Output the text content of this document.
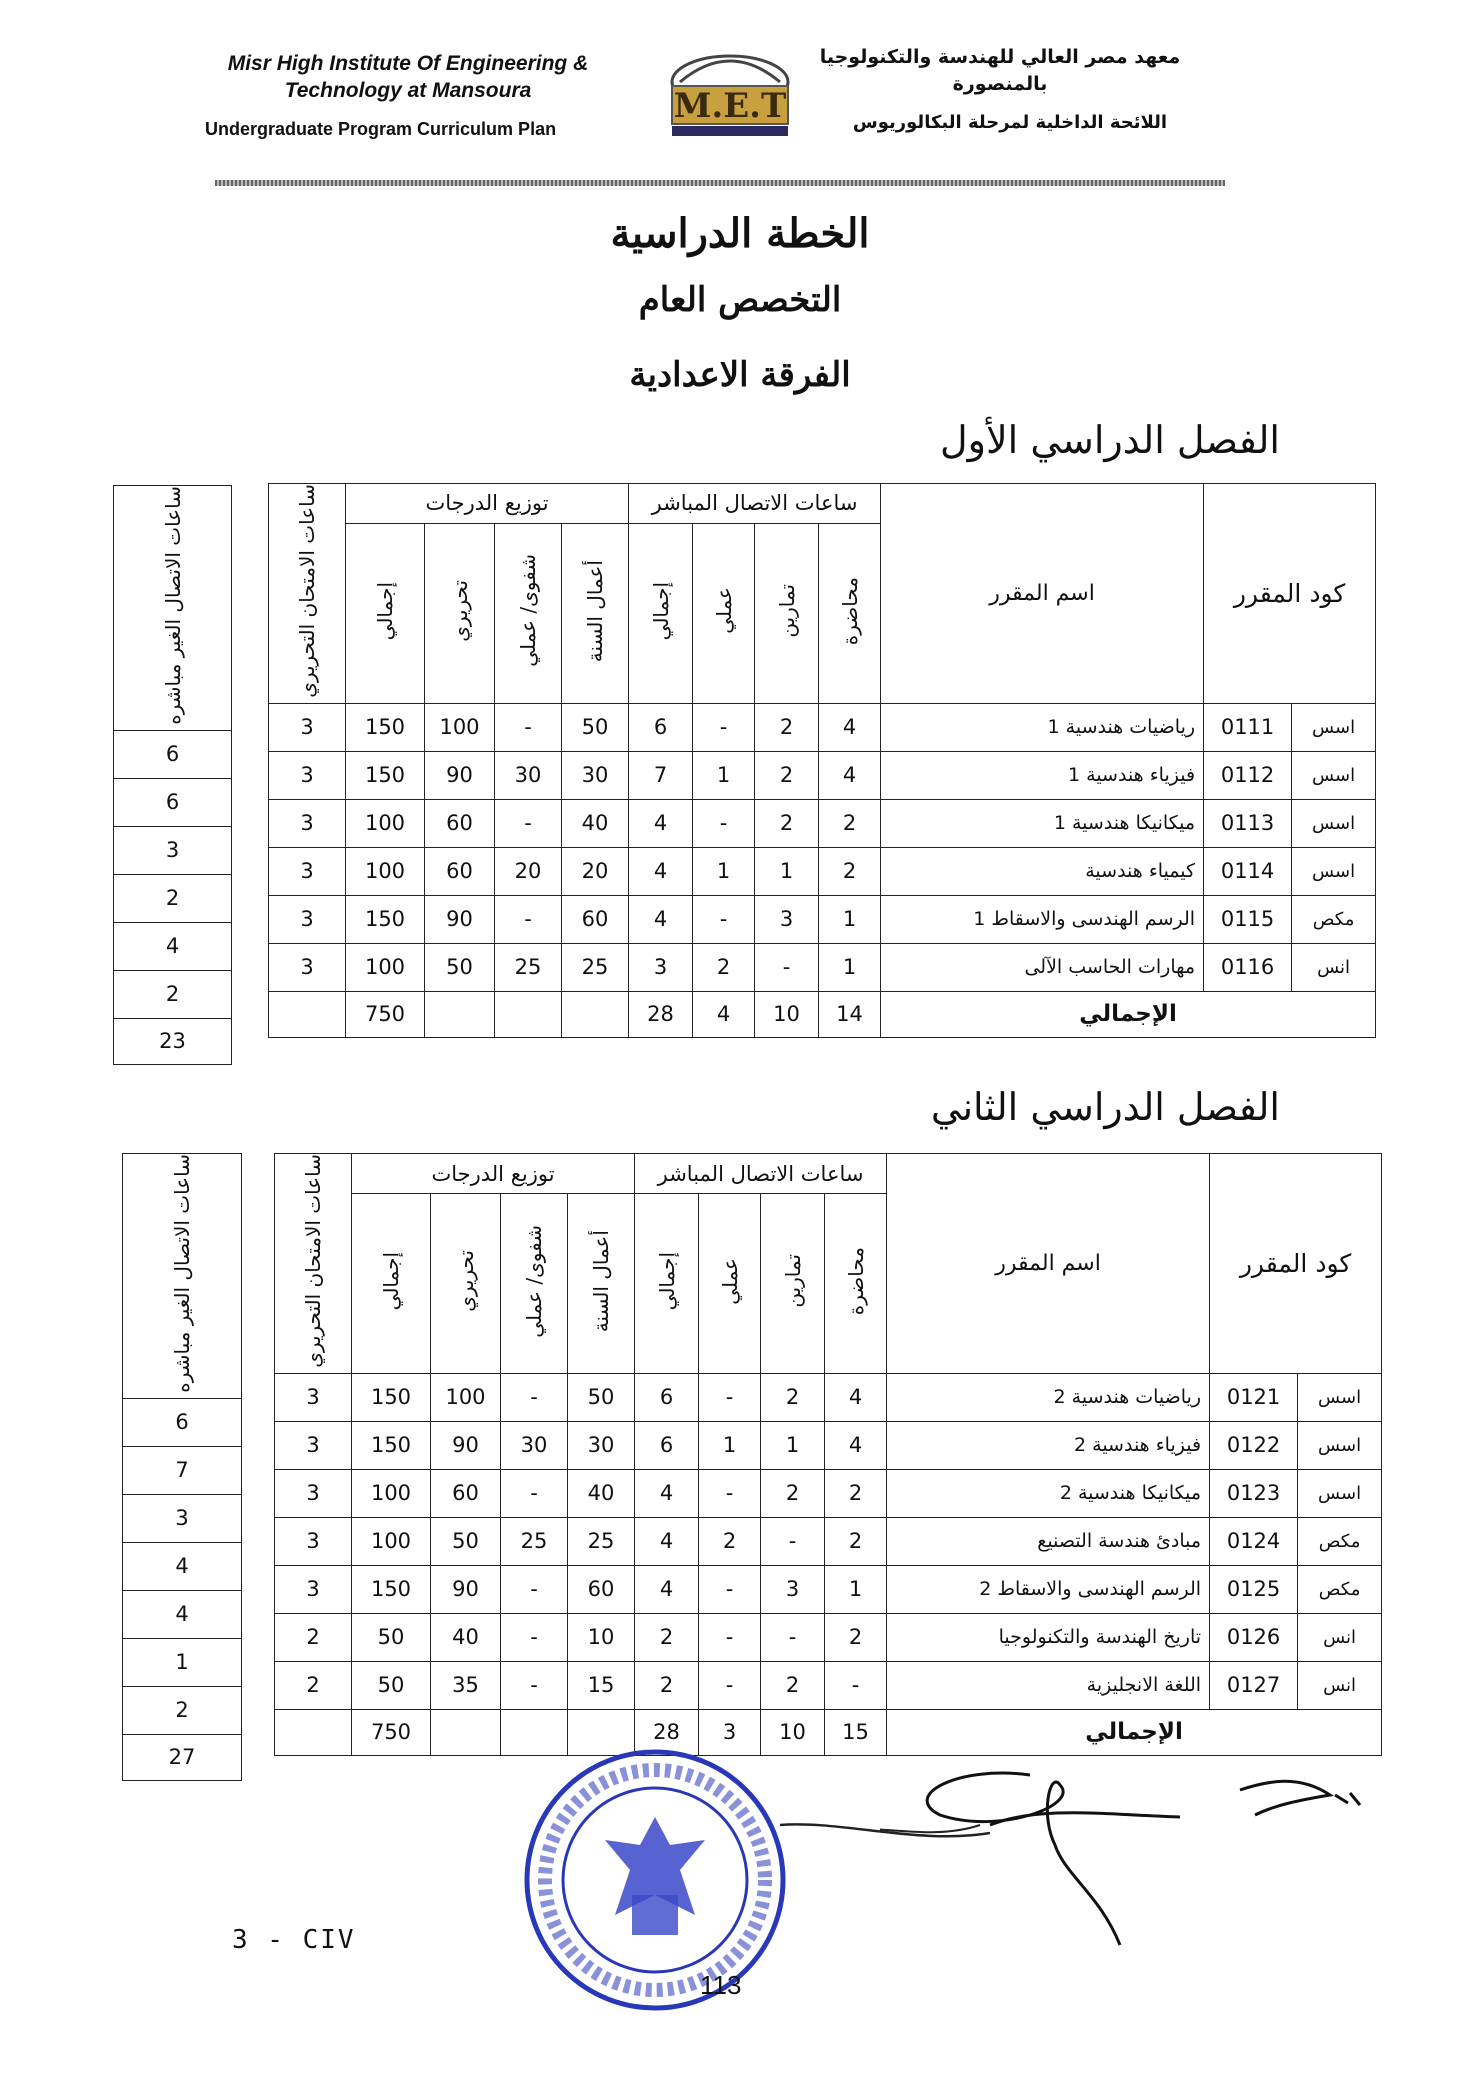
Misr High Institute Of Engineering & Technology at Mansoura
Undergraduate Program Curriculum Plan
M.E.T
معهد مصر العالي للهندسة والتكنولوجيا بالمنصورة
اللائحة الداخلية لمرحلة البكالوريوس
الخطة الدراسية
التخصص العام
الفرقة الاعدادية
الفصل الدراسي الأول
الفصل الدراسي الثاني
ساعات الاتصال الغير مباشره
6
6
3
2
4
2
23
ساعات الامتحان التحريري	توزيع الدرجات				ساعات الاتصال المباشر				اسم المقرر	كود المقرر	
	إجمالي	تحريري	شفوى/ عملي	أعمال السنة	إجمالي	عملي	تمارين	محاضرة			
3	150	100	-	50	6	-	2	4	رياضيات هندسية 1	0111	اسس
3	150	90	30	30	7	1	2	4	فيزياء هندسية 1	0112	اسس
3	100	60	-	40	4	-	2	2	ميكانيكا هندسية 1	0113	اسس
3	100	60	20	20	4	1	1	2	كيمياء هندسية	0114	اسس
3	150	90	-	60	4	-	3	1	الرسم الهندسى والاسقاط 1	0115	مكص
3	100	50	25	25	3	2	-	1	مهارات الحاسب الآلى	0116	انس
	750				28	4	10	14	الإجمالي		
ساعات الاتصال الغير مباشره
6
7
3
4
4
1
2
27
ساعات الامتحان التحريري	توزيع الدرجات				ساعات الاتصال المباشر				اسم المقرر	كود المقرر	
	إجمالي	تحريري	شفوى/ عملي	أعمال السنة	إجمالي	عملي	تمارين	محاضرة			
3	150	100	-	50	6	-	2	4	رياضيات هندسية 2	0121	اسس
3	150	90	30	30	6	1	1	4	فيزياء هندسية 2	0122	اسس
3	100	60	-	40	4	-	2	2	ميكانيكا هندسية 2	0123	اسس
3	100	50	25	25	4	2	-	2	مبادئ هندسة التصنيع	0124	مكص
3	150	90	-	60	4	-	3	1	الرسم الهندسى والاسقاط 2	0125	مكص
2	50	40	-	10	2	-	-	2	تاريخ الهندسة والتكنولوجيا	0126	انس
2	50	35	-	15	2	-	2	-	اللغة الانجليزية	0127	انس
	750				28	3	10	15	الإجمالي		
3 - CIV
113
